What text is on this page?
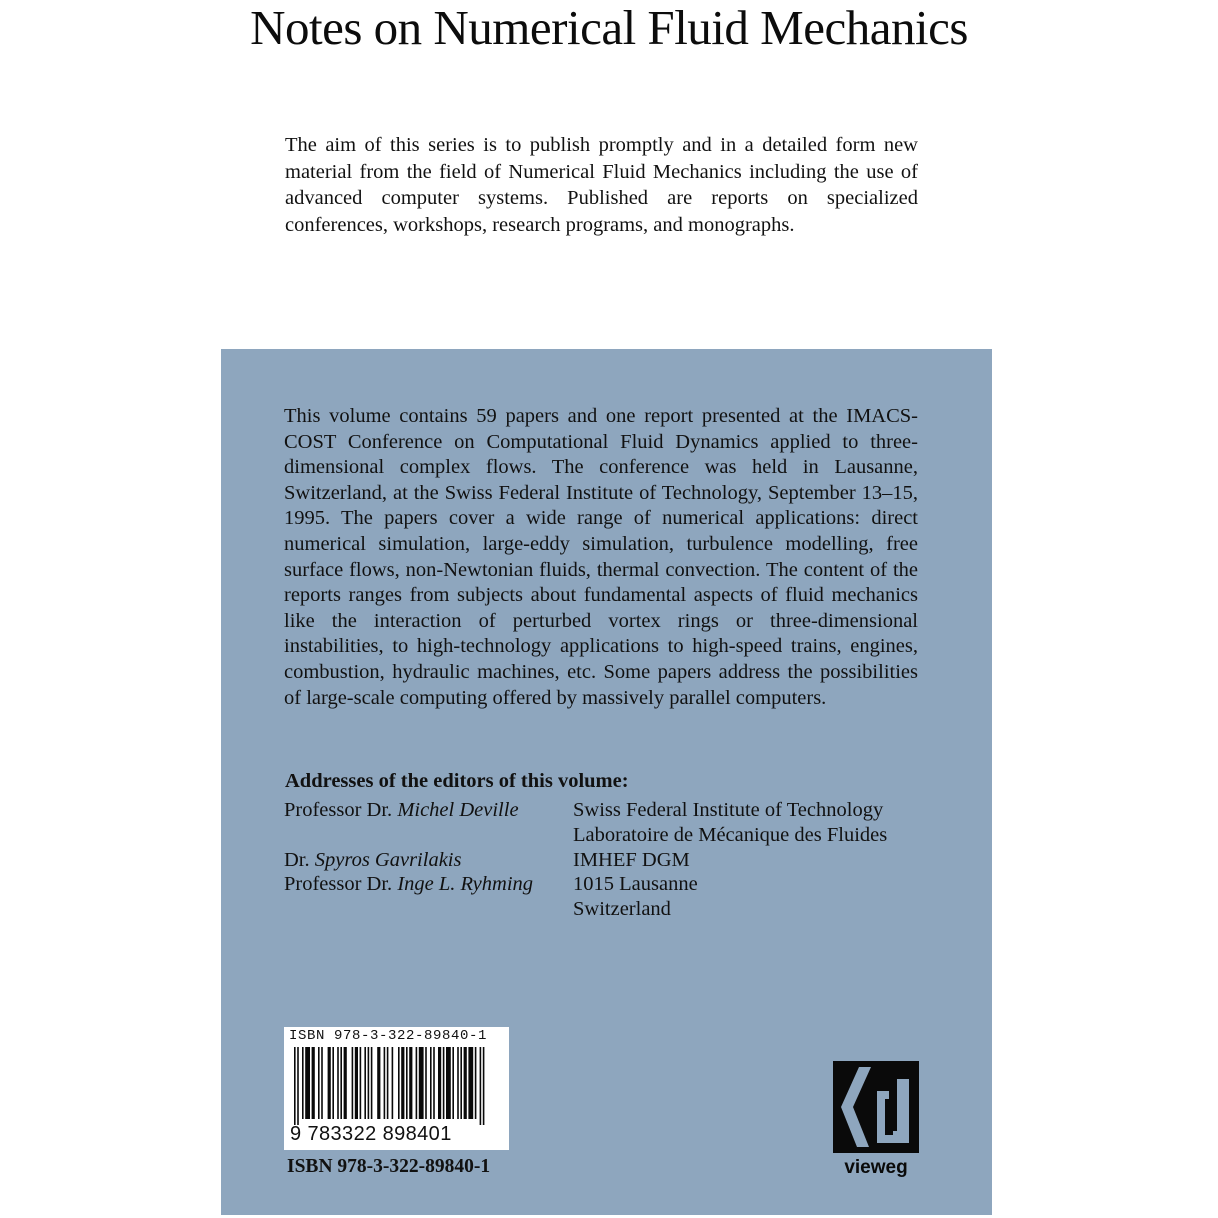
Notes on Numerical Fluid Mechanics

The aim of this series is to publish promptly and in a detailed form new material from the field of Numerical Fluid Mechanics including the use of advanced computer systems. Published are reports on specialized conferences, workshops, research programs, and monographs.

This volume contains 59 papers and one report presented at the IMACS-COST Conference on Computational Fluid Dynamics applied to three-dimensional complex flows. The conference was held in Lausanne, Switzerland, at the Swiss Federal Institute of Technology, September 13–15, 1995. The papers cover a wide range of numerical applications: direct numerical simulation, large-eddy simulation, turbulence modelling, free surface flows, non-Newtonian fluids, thermal convection. The content of the reports ranges from subjects about fundamental aspects of fluid mechanics like the interaction of perturbed vortex rings or three-dimensional instabilities, to high-technology applications to high-speed trains, engines, combustion, hydraulic machines, etc. Some papers address the possibilities of large-scale computing offered by massively parallel computers.

Addresses of the editors of this volume:

Professor Dr. Michel Deville

Dr. Spyros Gavrilakis
Professor Dr. Inge L. Ryhming
Swiss Federal Institute of Technology
Laboratoire de Mécanique des Fluides
IMHEF DGM
1015 Lausanne
Switzerland
ISBN 978-3-322-89840-1
9 783322 898401
ISBN 978-3-322-89840-1	vieweg
